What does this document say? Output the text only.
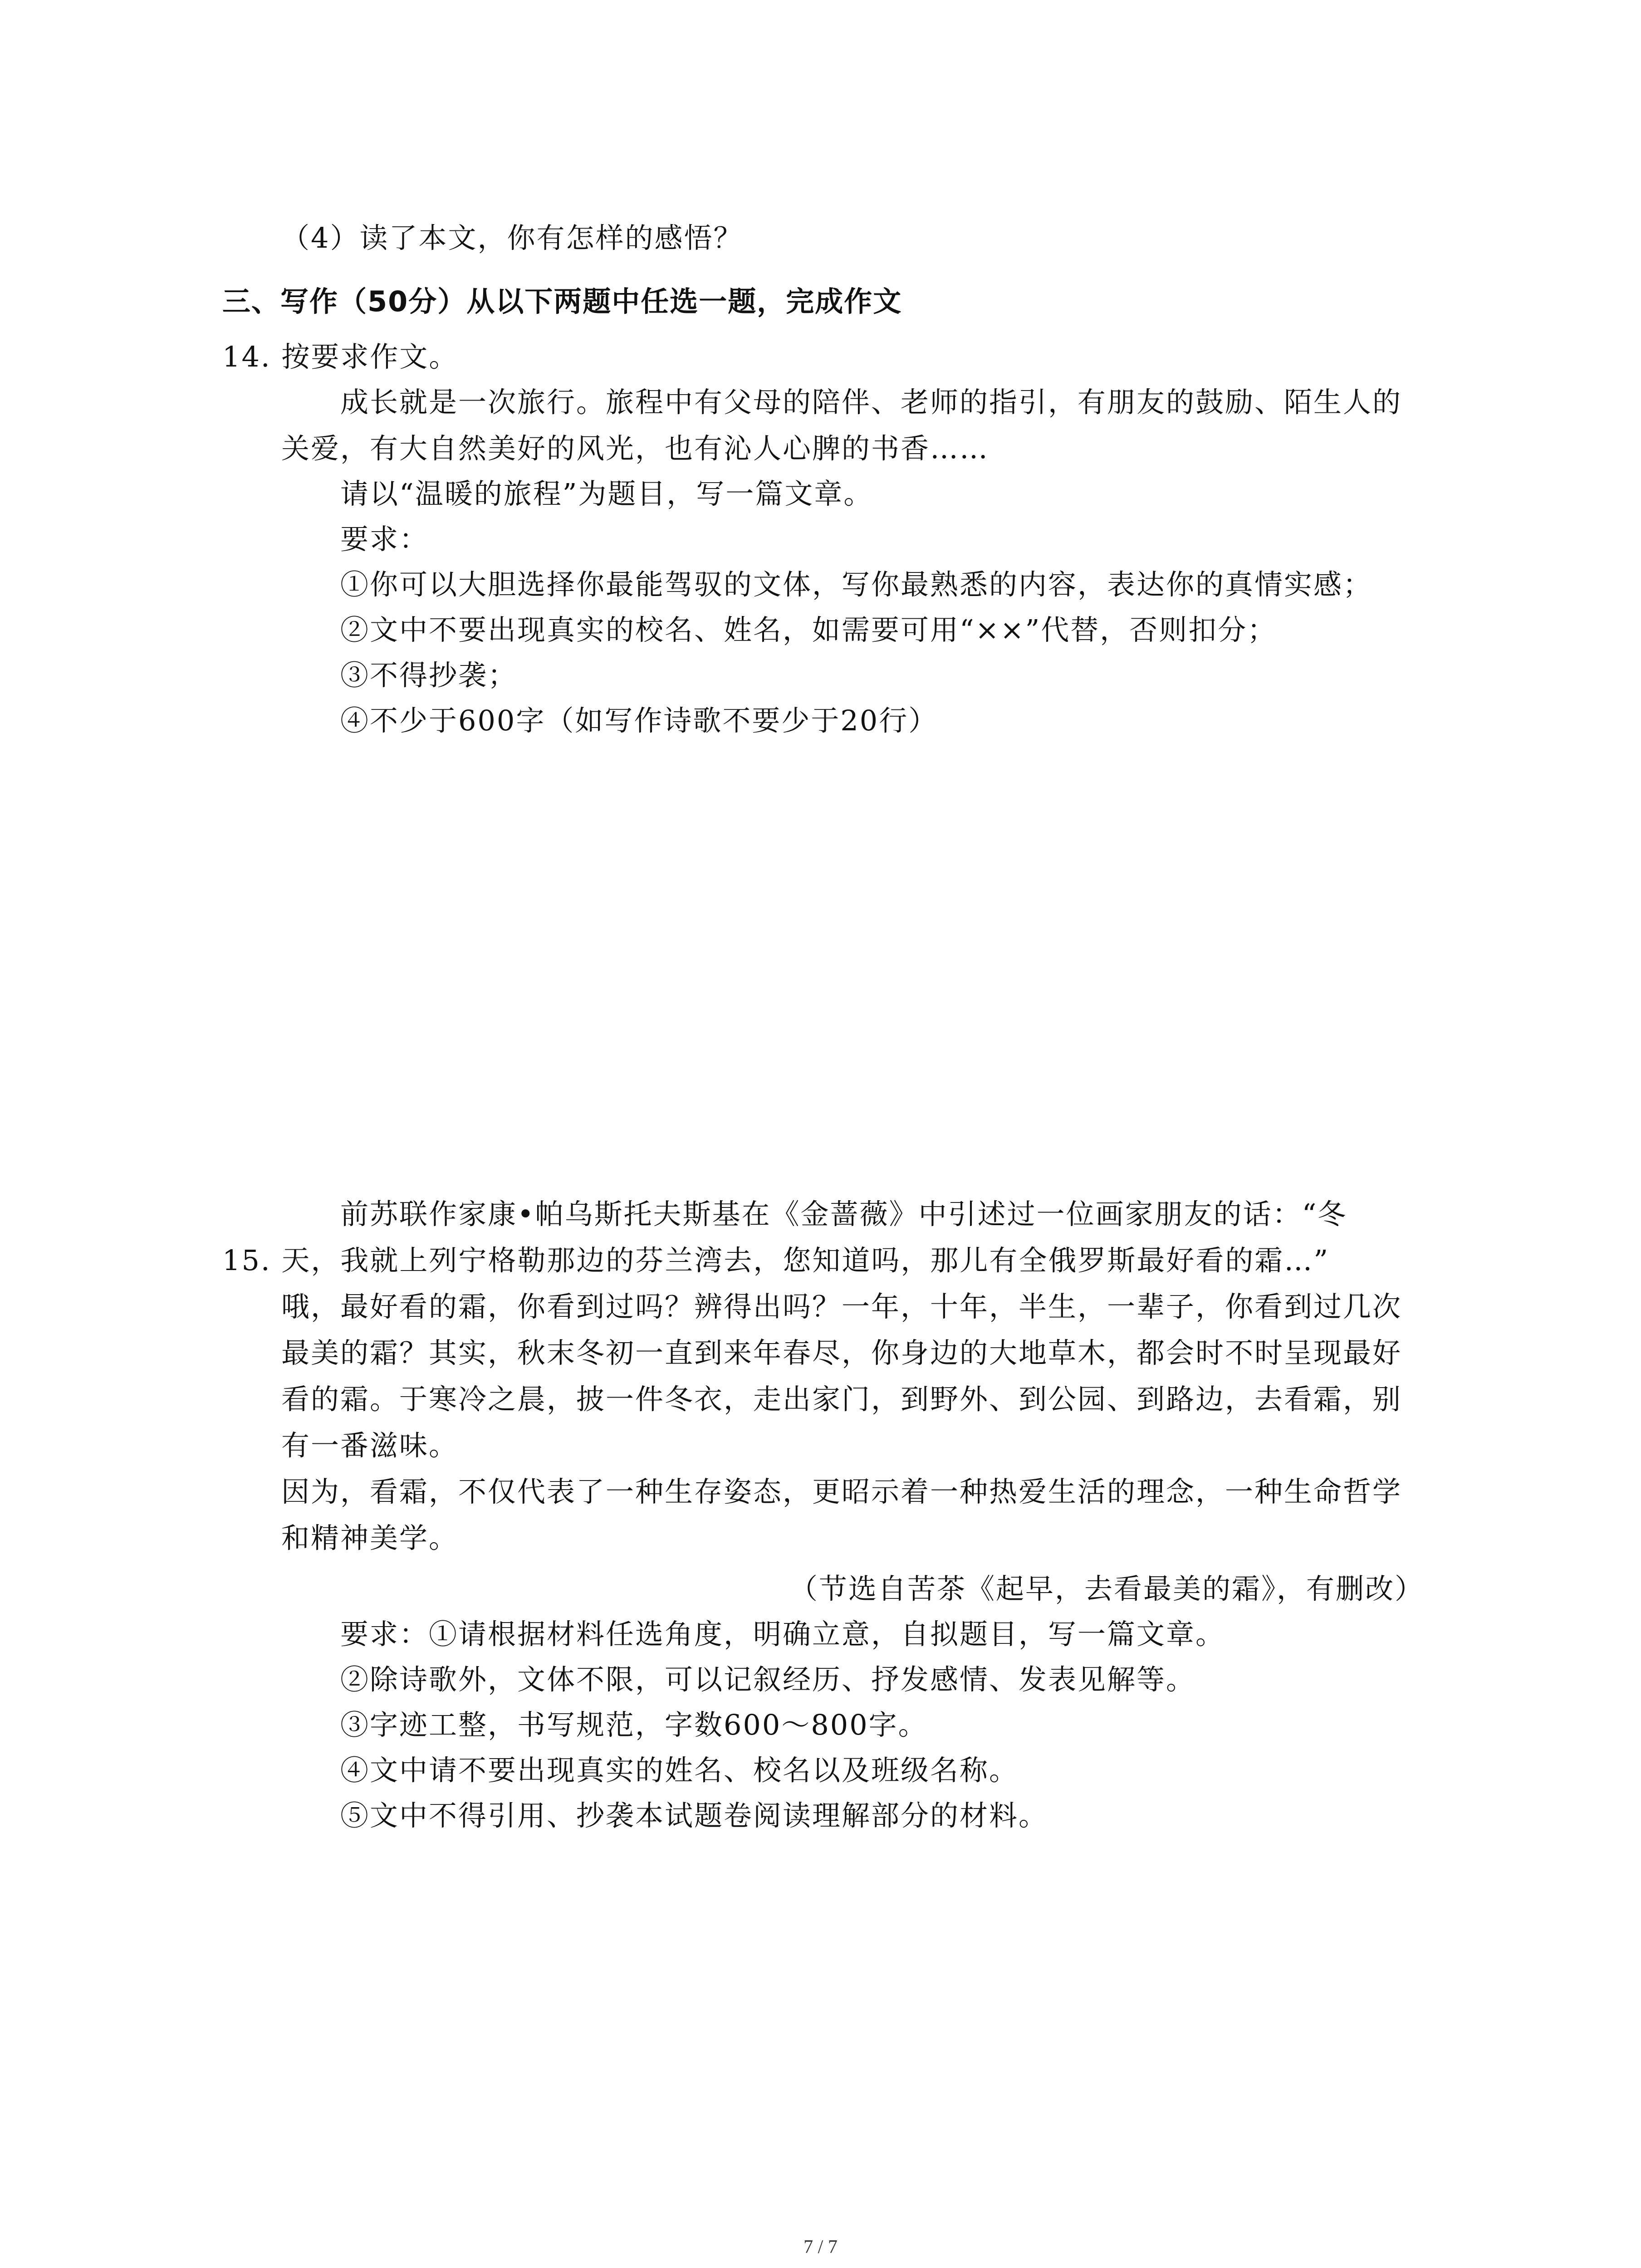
（4）读了本文，你有怎样的感悟？
三、写作（50分）从以下两题中任选一题，完成作文
14. 按要求作文。
成长就是一次旅行。旅程中有父母的陪伴、老师的指引，有朋友的鼓励、陌生人的
关爱，有大自然美好的风光，也有沁人心脾的书香……
请以“温暖的旅程”为题目，写一篇文章。
要求：
①你可以大胆选择你最能驾驭的文体，写你最熟悉的内容，表达你的真情实感；
②文中不要出现真实的校名、姓名，如需要可用“××”代替，否则扣分；
③不得抄袭；
④不少于600字（如写作诗歌不要少于20行）
前苏联作家康•帕乌斯托夫斯基在《金蔷薇》中引述过一位画家朋友的话：“冬
15. 天，我就上列宁格勒那边的芬兰湾去，您知道吗，那儿有全俄罗斯最好看的霜…”
哦，最好看的霜，你看到过吗？辨得出吗？一年，十年，半生，一辈子，你看到过几次
最美的霜？其实，秋末冬初一直到来年春尽，你身边的大地草木，都会时不时呈现最好
看的霜。于寒冷之晨，披一件冬衣，走出家门，到野外、到公园、到路边，去看霜，别
有一番滋味。
因为，看霜，不仅代表了一种生存姿态，更昭示着一种热爱生活的理念，一种生命哲学
和精神美学。
（节选自苦茶《起早，去看最美的霜》，有删改）
要求：①请根据材料任选角度，明确立意，自拟题目，写一篇文章。
②除诗歌外，文体不限，可以记叙经历、抒发感情、发表见解等。
③字迹工整，书写规范，字数600～800字。
④文中请不要出现真实的姓名、校名以及班级名称。
⑤文中不得引用、抄袭本试题卷阅读理解部分的材料。
7 / 7
